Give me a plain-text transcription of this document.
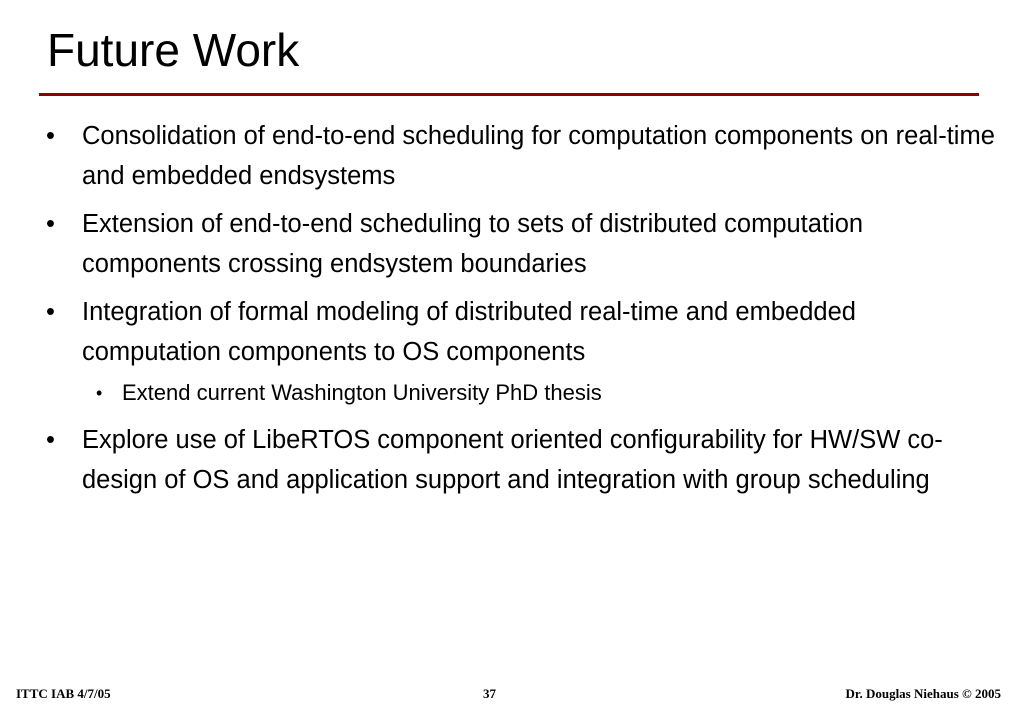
Future Work
• Consolidation of end-to-end scheduling for computation components on real-time and embedded endsystems
• Extension of end-to-end scheduling to sets of distributed computation components crossing endsystem boundaries
• Integration of formal modeling of distributed real-time and embedded computation components to OS components
• Extend current Washington University PhD thesis
• Explore use of LibeRTOS component oriented configurability for HW/SW co-design of OS and application support and integration with group scheduling
ITTC IAB 4/7/05	37	Dr. Douglas Niehaus © 2005
